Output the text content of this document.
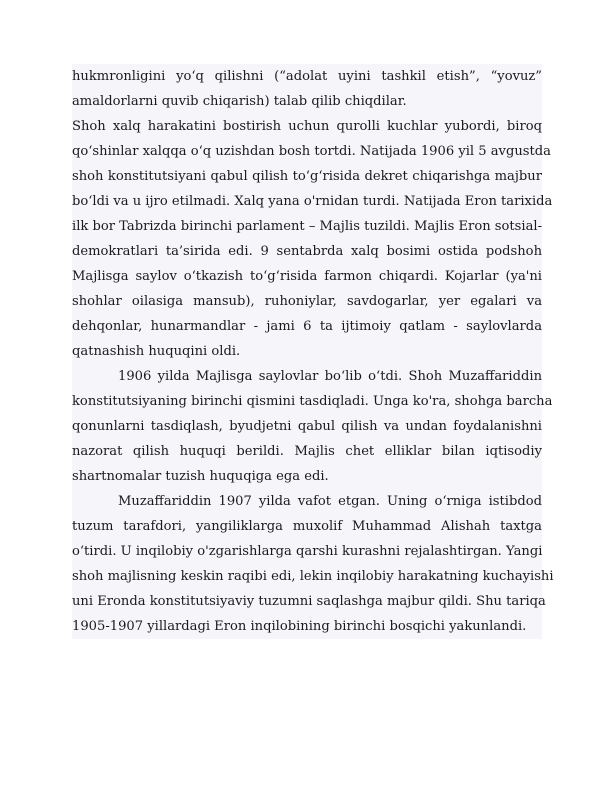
hukmronligini yo‘q qilishni (“adolat uyini tashkil etish”, “yovuz”
amaldorlarni quvib chiqarish) talab qilib chiqdilar.
Shoh xalq harakatini bostirish uchun qurolli kuchlar yubordi, biroq
qo‘shinlar xalqqa o‘q uzishdan bosh tortdi. Natijada 1906 yil 5 avgustda
shoh konstitutsiyani qabul qilish to‘g‘risida dekret chiqarishga majbur
bo‘ldi va u ijro etilmadi. Xalq yana o'rnidan turdi. Natijada Eron tarixida
ilk bor Tabrizda birinchi parlament – Majlis tuzildi. Majlis Eron sotsial-
demokratlari ta’sirida edi. 9 sentabrda xalq bosimi ostida podshoh
Majlisga saylov o‘tkazish to‘g‘risida farmon chiqardi. Kojarlar (ya'ni
shohlar oilasiga mansub), ruhoniylar, savdogarlar, yer egalari va
dehqonlar, hunarmandlar - jami 6 ta ijtimoiy qatlam - saylovlarda
qatnashish huquqini oldi.
1906 yilda Majlisga saylovlar bo‘lib o‘tdi. Shoh Muzaffariddin
konstitutsiyaning birinchi qismini tasdiqladi. Unga ko'ra, shohga barcha
qonunlarni tasdiqlash, byudjetni qabul qilish va undan foydalanishni
nazorat qilish huquqi berildi. Majlis chet elliklar bilan iqtisodiy
shartnomalar tuzish huquqiga ega edi.
Muzaffariddin 1907 yilda vafot etgan. Uning o‘rniga istibdod
tuzum tarafdori, yangiliklarga muxolif Muhammad Alishah taxtga
o‘tirdi. U inqilobiy o'zgarishlarga qarshi kurashni rejalashtirgan. Yangi
shoh majlisning keskin raqibi edi, lekin inqilobiy harakatning kuchayishi
uni Eronda konstitutsiyaviy tuzumni saqlashga majbur qildi. Shu tariqa
1905-1907 yillardagi Eron inqilobining birinchi bosqichi yakunlandi.
